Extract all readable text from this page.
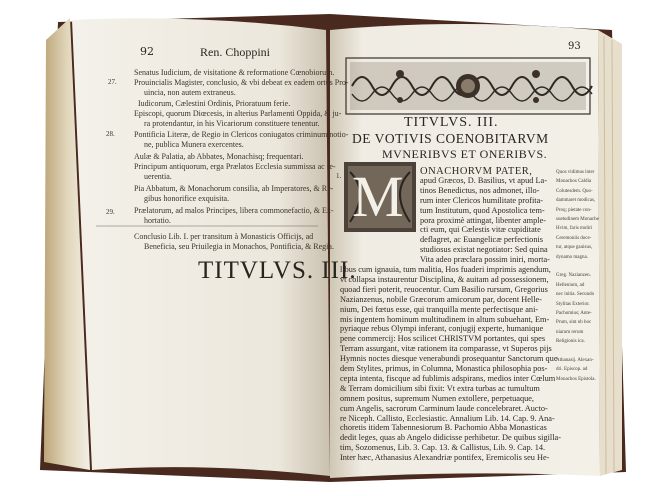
92	Ren. Choppini
27.
28.
29.
Senatus Iudicium, de visitatione & reformatione Cœnobiorum.
Prouincialis Magister, conclusio, & vbi debeat ex eadem ortus Pro-
uincia, non autem extraneus.
Iudicorum, Cælestini Ordinis, Prioratuum ferie.
Episcopi, quorum Diœcesis, in alterius Parlamenti Oppida, & ju-
ra protendantur, in his Vicariorum constituere tenentur.
Pontificia Literæ, de Regio in Clericos coniugatos criminum notio-
ne, publica Munera exercentes.
Aulæ & Palatia, ab Abbates, Monachisq; frequentari.
Principum antiquorum, erga Prælatos Ecclesia summissa ac re-
uerentia.
Pia Abbatum, & Monachorum consilia, ab Imperatores, & Re-
gibus honorifice exquisita.
Prælatorum, ad malos Principes, libera commonefactio, & Ex-
hortatio.
Conclusio Lib. I. per transitum à Monasticis Officijs, ad
Beneficia, seu Priuilegia in Monachos, Pontificia, & Regia.
TITVLVS. III.
93
TITVLVS. III.
DE VOTIVIS COENOBITARVM
MVNERIBVS ET ONERIBVS.
1. M ONACHORVM PATER,
apud Græcos, D. Basilius, vt apud La-
tinos Benedictus, nos admonet, illo-
rum inter Clericos humilitate profita-
tum Institutum, quod Apostolica tem-
pora proximè attingat, libenter ample-
cti eum, qui Cælestis vitæ cupiditate
deflagret, ac Euangelicæ perfectionis
studiosus existat negotiator: Sed quina
Vita adeo præclara possim iniri, morta-
libus cum ignauia, tum malitia, Hos fuaderi imprimis agendum,
vt collapsa instaurentur Disciplina, & auitam ad possessionem,
quoad fieri poterit, reuocentur. Cum Basilio rursum, Gregorius
Nazianzenus, nobile Græcorum amicorum par, docent Helle-
nium, Dei fœtus esse, qui tranquilla mente perfectisque ani-
mis ingentem hominum multitudinem in altum subuehant, Em-
pyriaque rebus Olympi inferant, conjugij experte, humanique
pene commercij: Hos scilicet CHRISTVM portantes, qui spes
Terram assurgant, vitæ rationem ita comparasse, vt Superos pijs
Hymnis noctes diesque venerabundi prosequantur Sanctorum que
dem Stylites, primus, in Columna, Monastica philosophia pos-
cepta intenta, fiscque ad fublimis adspirans, medios inter Cœlum
& Terram domicilium sibi fixit: Vt extra turbas ac tumultum
omnem positus, supremum Numen extollere, perpetuaque,
cum Angelis, sacrorum Carminum laude concelebraret. Aucto-
re Niceph. Callisto, Ecclesiastic. Annalium Lib. 14. Cap. 9. Ana-
choretis itidem Tabennesiorum B. Pachomio Abba Monasticas
dedit leges, quas ab Angelo didicisse perhibetur. De quibus sigilla-
tim, Sozomenus, Lib. 3. Cap. 13. & Callistus, Lib. 9. Cap. 14.
Inter hæc, Athanasius Alexandriæ pontifex, Eremicolis seu He-
Quos vidimus inter
Monachos Caldia
Colutesdem. Quo-
dammaret modicas,
Proq; pietate con-
suetudinem Monache
Hvim, faris moliri
Ceremoniis doce-
tur, atque gauisus,
dynamo magna.
Greg. Nazianzen.
Hellenium, ad
nec initia. Secundo
Stylitas Exterior.
Pachomius; Ante-
Prum, sint ob hoc
niarum rerum
Religionis ica.
Athanasij. Alexan-
dri. Episcop. ad
Monachos Epistola.
